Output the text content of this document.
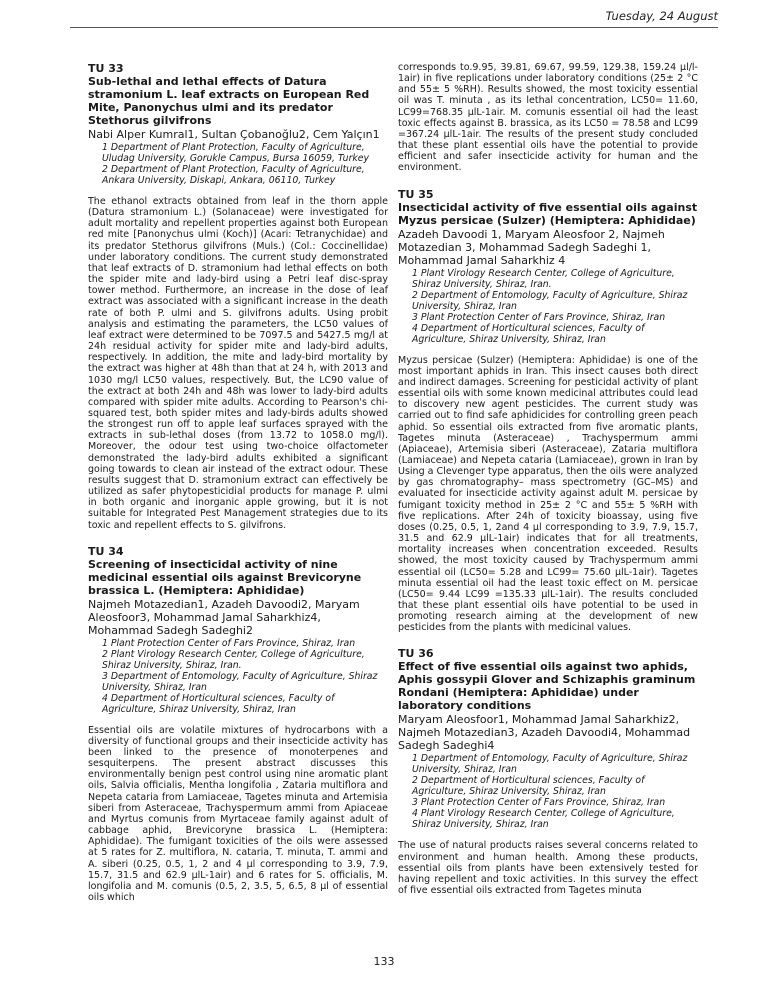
Tuesday, 24 August

TU 33

Sub-lethal and lethal effects of Datura stramonium L. leaf extracts on European Red Mite, Panonychus ulmi and its predator Stethorus gilvifrons

Nabi Alper Kumral1, Sultan Çobanoğlu2, Cem Yalçın1

1 Department of Plant Protection, Faculty of Agriculture, Uludag University, Gorukle Campus, Bursa 16059, Turkey
2 Department of Plant Protection, Faculty of Agriculture, Ankara University, Diskapi, Ankara, 06110, Turkey

The ethanol extracts obtained from leaf in the thorn apple (Datura stramonium L.) (Solanaceae) were investigated for adult mortality and repellent properties against both European red mite [Panonychus ulmi (Koch)] (Acari: Tetranychidae) and its predator Stethorus gilvifrons (Muls.) (Col.: Coccinellidae) under laboratory conditions. The current study demonstrated that leaf extracts of D. stramonium had lethal effects on both the spider mite and lady-bird using a Petri leaf disc-spray tower method. Furthermore, an increase in the dose of leaf extract was associated with a significant increase in the death rate of both P. ulmi and S. gilvifrons adults. Using probit analysis and estimating the parameters, the LC50 values of leaf extract were determined to be 7097.5 and 5427.5 mg/l at 24h residual activity for spider mite and lady-bird adults, respectively. In addition, the mite and lady-bird mortality by the extract was higher at 48h than that at 24 h, with 2013 and 1030 mg/l LC50 values, respectively. But, the LC90 value of the extract at both 24h and 48h was lower to lady-bird adults compared with spider mite adults. According to Pearson's chi-squared test, both spider mites and lady-birds adults showed the strongest run off to apple leaf surfaces sprayed with the extracts in sub-lethal doses (from 13.72 to 1058.0 mg/l). Moreover, the odour test using two-choice olfactometer demonstrated the lady-bird adults exhibited a significant going towards to clean air instead of the extract odour. These results suggest that D. stramonium extract can effectively be utilized as safer phytopesticidial products for manage P. ulmi in both organic and inorganic apple growing, but it is not suitable for Integrated Pest Management strategies due to its toxic and repellent effects to S. gilvifrons.

TU 34

Screening of insecticidal activity of nine medicinal essential oils against Brevicoryne brassica L. (Hemiptera: Aphididae)

Najmeh Motazedian1, Azadeh Davoodi2, Maryam Aleosfoor3, Mohammad Jamal Saharkhiz4, Mohammad Sadegh Sadeghi2

1 Plant Protection Center of Fars Province, Shiraz, Iran
2 Plant Virology Research Center, College of Agriculture, Shiraz University, Shiraz, Iran.
3 Department of Entomology, Faculty of Agriculture, Shiraz University, Shiraz, Iran
4 Department of Horticultural sciences, Faculty of Agriculture, Shiraz University, Shiraz, Iran

Essential oils are volatile mixtures of hydrocarbons with a diversity of functional groups and their insecticide activity has been linked to the presence of monoterpenes and sesquiterpens. The present abstract discusses this environmentally benign pest control using nine aromatic plant oils, Salvia officialis, Mentha longifolia , Zataria multiflora and Nepeta cataria from Lamiaceae, Tagetes minuta and Artemisia siberi from Asteraceae, Trachyspermum ammi from Apiaceae and Myrtus comunis from Myrtaceae family against adult of cabbage aphid, Brevicoryne brassica L. (Hemiptera: Aphididae). The fumigant toxicities of the oils were assessed at 5 rates for Z. multiflora, N. cataria, T. minuta, T. ammi and A. siberi (0.25, 0.5, 1, 2 and 4 µl corresponding to 3.9, 7.9, 15.7, 31.5 and 62.9 µlL-1air) and 6 rates for S. officialis, M. longifolia and M. comunis (0.5, 2, 3.5, 5, 6.5, 8 µl of essential oils which

corresponds to.9.95, 39.81, 69.67, 99.59, 129.38, 159.24 µl/l-1air) in five replications under laboratory conditions (25± 2 °C and 55± 5 %RH). Results showed, the most toxicity essential oil was T. minuta , as its lethal concentration, LC50= 11.60, LC99=768.35 µlL-1air. M. comunis essential oil had the least toxic effects against B. brassica, as its LC50 = 78.58 and LC99 =367.24 µlL-1air. The results of the present study concluded that these plant essential oils have the potential to provide efficient and safer insecticide activity for human and the environment.

TU 35

Insecticidal activity of five essential oils against Myzus persicae (Sulzer) (Hemiptera: Aphididae)

Azadeh Davoodi 1, Maryam Aleosfoor 2, Najmeh Motazedian 3, Mohammad Sadegh Sadeghi 1, Mohammad Jamal Saharkhiz 4

1 Plant Virology Research Center, College of Agriculture, Shiraz University, Shiraz, Iran.
2 Department of Entomology, Faculty of Agriculture, Shiraz University, Shiraz, Iran
3 Plant Protection Center of Fars Province, Shiraz, Iran
4 Department of Horticultural sciences, Faculty of Agriculture, Shiraz University, Shiraz, Iran

Myzus persicae (Sulzer) (Hemiptera: Aphididae) is one of the most important aphids in Iran. This insect causes both direct and indirect damages. Screening for pesticidal activity of plant essential oils with some known medicinal attributes could lead to discovery new agent pesticides. The current study was carried out to find safe aphidicides for controlling green peach aphid. So essential oils extracted from five aromatic plants, Tagetes minuta (Asteraceae) , Trachyspermum ammi (Apiaceae), Artemisia siberi (Asteraceae), Zataria multiflora (Lamiaceae) and Nepeta cataria (Lamiaceae), grown in Iran by Using a Clevenger type apparatus, then the oils were analyzed by gas chromatography– mass spectrometry (GC–MS) and evaluated for insecticide activity against adult M. persicae by fumigant toxicity method in 25± 2 °C and 55± 5 %RH with five replications. After 24h of toxicity bioassay, using five doses (0.25, 0.5, 1, 2and 4 µl corresponding to 3.9, 7.9, 15.7, 31.5 and 62.9 µlL-1air) indicates that for all treatments, mortality increases when concentration exceeded. Results showed, the most toxicity caused by Trachyspermum ammi essential oil (LC50= 5.28 and LC99= 75.60 µlL-1air). Tagetes minuta essential oil had the least toxic effect on M. persicae (LC50= 9.44 LC99 =135.33 µlL-1air). The results concluded that these plant essential oils have potential to be used in promoting research aiming at the development of new pesticides from the plants with medicinal values.

TU 36

Effect of five essential oils against two aphids, Aphis gossypii Glover and Schizaphis graminum Rondani (Hemiptera: Aphididae) under laboratory conditions

Maryam Aleosfoor1, Mohammad Jamal Saharkhiz2, Najmeh Motazedian3, Azadeh Davoodi4, Mohammad Sadegh Sadeghi4

1 Department of Entomology, Faculty of Agriculture, Shiraz University, Shiraz, Iran
2 Department of Horticultural sciences, Faculty of Agriculture, Shiraz University, Shiraz, Iran
3 Plant Protection Center of Fars Province, Shiraz, Iran
4 Plant Virology Research Center, College of Agriculture, Shiraz University, Shiraz, Iran

The use of natural products raises several concerns related to environment and human health. Among these products, essential oils from plants have been extensively tested for having repellent and toxic activities. In this survey the effect of five essential oils extracted from Tagetes minuta

133
